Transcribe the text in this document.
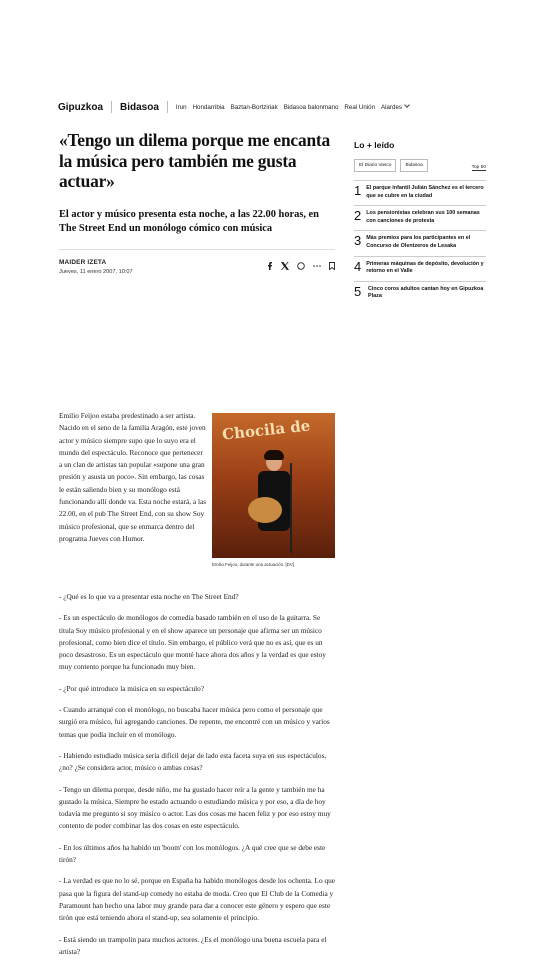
Gipuzkoa Bidasoa	Irun Hondarribia Baztan-Bortziriak Bidasoa balonmano Real Unión Alardes
«Tengo un dilema porque me encanta la música pero también me gusta actuar»
El actor y músico presenta esta noche, a las 22.00 horas, en The Street End un monólogo cómico con música
MAIDER IZETA
Jueves, 11 enero 2007, 10:07

Emilio Feijoo estaba predestinado a ser artista. Nacido en el seno de la familia Aragón, este joven actor y músico siempre supo que lo suyo era el mundo del espectáculo. Reconoce que pertenecer a un clan de artistas tan popular «supone una gran presión y asusta un poco». Sin embargo, las cosas le están saliendo bien y su monólogo está funcionando allí donde va. Esta noche estará, a las 22.00, en el pub The Street End, con su show Soy músico profesional, que se enmarca dentro del programa Jueves con Humor.

Chocila de
Emilio Feijoo, durante una actuación. [DV]

- ¿Qué es lo que va a presentar esta noche en The Street End?

- Es un espectáculo de monólogos de comedia basado también en el uso de la guitarra. Se titula Soy músico profesional y en el show aparece un personaje que afirma ser un músico profesional, como bien dice el título. Sin embargo, el público verá que no es así, que es un poco desastroso. Es un espectáculo que monté hace ahora dos años y la verdad es que estoy muy contento porque ha funcionado muy bien.

- ¿Por qué introduce la música en su espectáculo?

- Cuando arranqué con el monólogo, no buscaba hacer música pero como el personaje que surgió era músico, fui agregando canciones. De repente, me encontré con un músico y varios temas que podía incluir en el monólogo.

- Habiendo estudiado música sería difícil dejar de lado esta faceta suya en sus espectáculos, ¿no? ¿Se considera actor, músico o ambas cosas?

- Tengo un dilema porque, desde niño, me ha gustado hacer reír a la gente y también me ha gustado la música. Siempre he estado actuando o estudiando música y por eso, a día de hoy todavía me pregunto si soy músico o actor. Las dos cosas me hacen feliz y por eso estoy muy contento de poder combinar las dos cosas en este espectáculo.

- En los últimos años ha habido un 'boom' con los monólogos. ¿A qué cree que se debe este tirón?

- La verdad es que no lo sé, porque en España ha habido monólogos desde los ochenta. Lo que pasa que la figura del stand-up comedy no estaba de moda. Creo que El Club de la Comedia y Paramount han hecho una labor muy grande para dar a conocer este género y espero que este tirón que está teniendo ahora el stand-up, sea solamente el principio.

- Está siendo un trampolín para muchos actores. ¿Es el monólogo una buena escuela para el artista?

Lo + leído
El Diario Vasco	Bidasoa	Top 50
1 El parque infantil Julián Sánchez es el tercero que se cubre en la ciudad
2 Los pensionistas celebran sus 100 semanas con canciones de protesta
3 Más premios para los participantes en el Concurso de Olentzeros de Lesaka
4 Primeras máquinas de depósito, devolución y retorno en el Valle
5	Cinco coros adultos cantan hoy en Gipuzkoa Plaza
